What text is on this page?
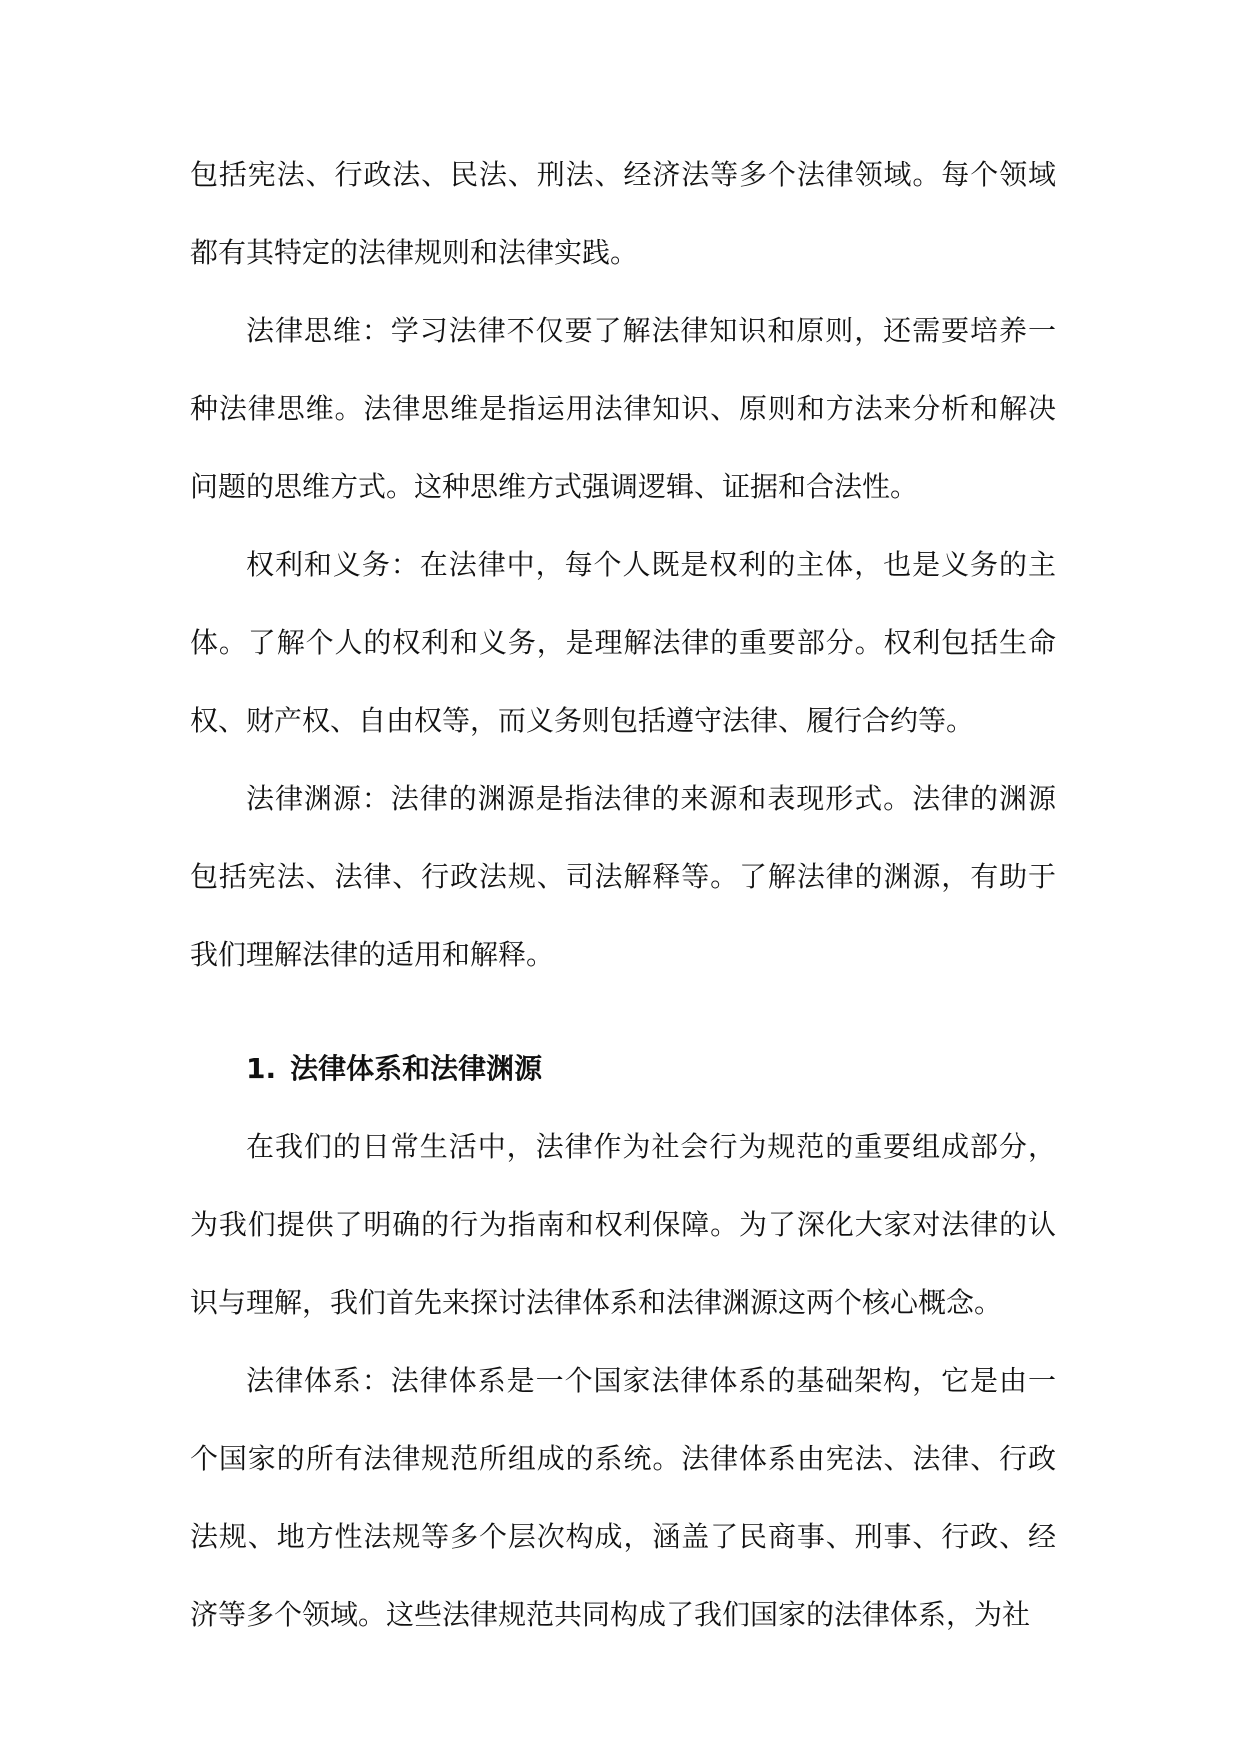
包括宪法、行政法、民法、刑法、经济法等多个法律领域。每个领域都有其特定的法律规则和法律实践。

法律思维：学习法律不仅要了解法律知识和原则，还需要培养一种法律思维。法律思维是指运用法律知识、原则和方法来分析和解决问题的思维方式。这种思维方式强调逻辑、证据和合法性。

权利和义务：在法律中，每个人既是权利的主体，也是义务的主体。了解个人的权利和义务，是理解法律的重要部分。权利包括生命权、财产权、自由权等，而义务则包括遵守法律、履行合约等。

法律渊源：法律的渊源是指法律的来源和表现形式。法律的渊源包括宪法、法律、行政法规、司法解释等。了解法律的渊源，有助于我们理解法律的适用和解释。

1. 法律体系和法律渊源

在我们的日常生活中，法律作为社会行为规范的重要组成部分，为我们提供了明确的行为指南和权利保障。为了深化大家对法律的认识与理解，我们首先来探讨法律体系和法律渊源这两个核心概念。

法律体系：法律体系是一个国家法律体系的基础架构，它是由一个国家的所有法律规范所组成的系统。法律体系由宪法、法律、行政法规、地方性法规等多个层次构成，涵盖了民商事、刑事、行政、经济等多个领域。这些法律规范共同构成了我们国家的法律体系，为社
